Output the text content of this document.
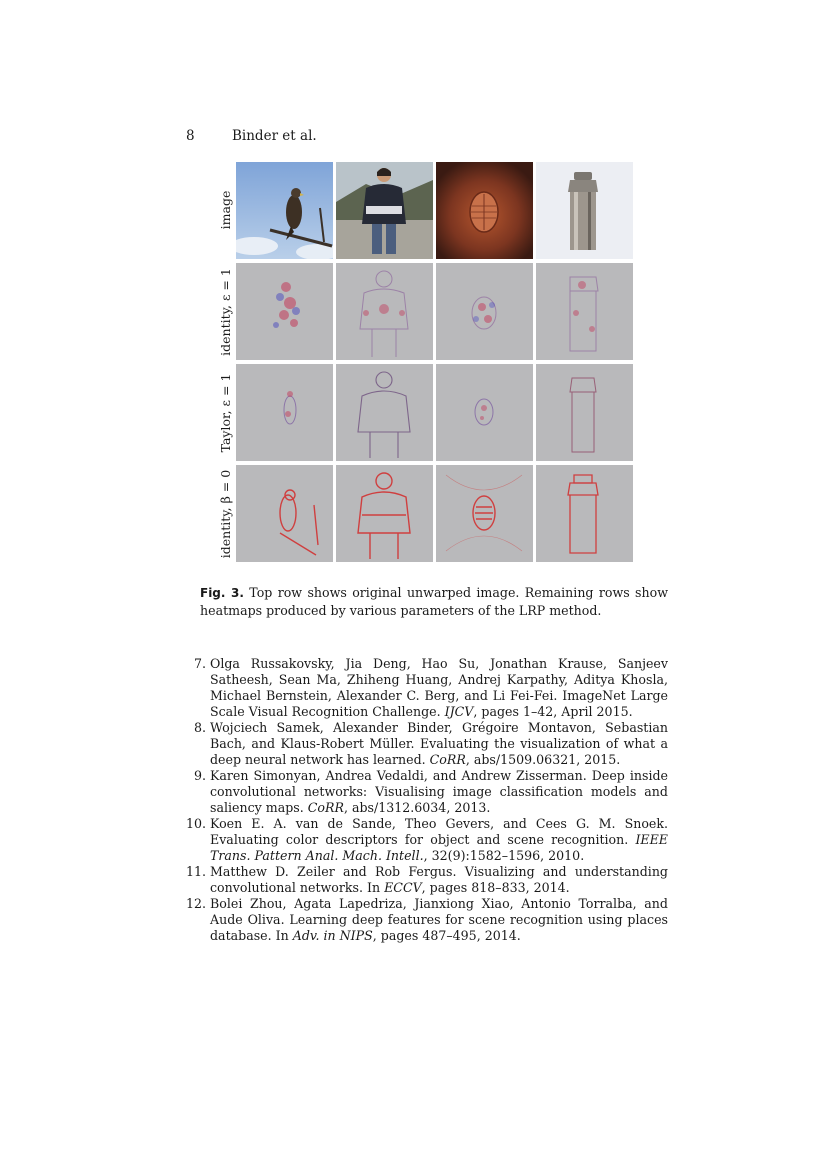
8	Binder et al.
image
identity, ε = 1
Taylor, ε = 1
identity, β = 0
Fig. 3. Top row shows original unwarped image. Remaining rows show heatmaps produced by various parameters of the LRP method.
7. Olga Russakovsky, Jia Deng, Hao Su, Jonathan Krause, Sanjeev Satheesh, Sean Ma, Zhiheng Huang, Andrej Karpathy, Aditya Khosla, Michael Bernstein, Alexander C. Berg, and Li Fei-Fei. ImageNet Large Scale Visual Recognition Challenge. IJCV, pages 1–42, April 2015.
8. Wojciech Samek, Alexander Binder, Grégoire Montavon, Sebastian Bach, and Klaus-Robert Müller. Evaluating the visualization of what a deep neural network has learned. CoRR, abs/1509.06321, 2015.
9. Karen Simonyan, Andrea Vedaldi, and Andrew Zisserman. Deep inside convolutional networks: Visualising image classification models and saliency maps. CoRR, abs/1312.6034, 2013.
10. Koen E. A. van de Sande, Theo Gevers, and Cees G. M. Snoek. Evaluating color descriptors for object and scene recognition. IEEE Trans. Pattern Anal. Mach. Intell., 32(9):1582–1596, 2010.
11. Matthew D. Zeiler and Rob Fergus. Visualizing and understanding convolutional networks. In ECCV, pages 818–833, 2014.
12. Bolei Zhou, Agata Lapedriza, Jianxiong Xiao, Antonio Torralba, and Aude Oliva. Learning deep features for scene recognition using places database. In Adv. in NIPS, pages 487–495, 2014.
